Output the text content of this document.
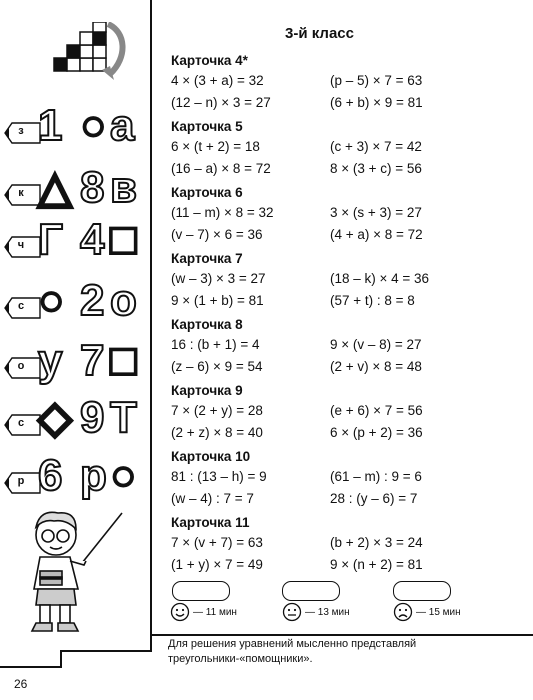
з 1 ○ а
к △ 8 в
ч Г 4 □
с ○ 2 о
о у 7 □
с ◇ 9 Т
р 6 р ○
3-й класс
Карточка 4*
4 × (3 + a) = 32	(p – 5) × 7 = 63
(12 – n) × 3 = 27	(6 + b) × 9 = 81
Карточка 5
6 × (t + 2) = 18	(c + 3) × 7 = 42
(16 – a) × 8 = 72	8 × (3 + c) = 56
Карточка 6
(11 – m) × 8 = 32	3 × (s + 3) = 27
(v – 7) × 6 = 36	(4 + a) × 8 = 72
Карточка 7
(w – 3) × 3 = 27	(18 – k) × 4 = 36
9 × (1 + b) = 81	(57 + t) : 8 = 8
Карточка 8
16 : (b + 1) = 4	9 × (v – 8) = 27
(z – 6) × 9 = 54	(2 + v) × 8 = 48
Карточка 9
7 × (2 + y) = 28	(e + 6) × 7 = 56
(2 + z) × 8 = 40	6 × (p + 2) = 36
Карточка 10
81 : (13 – h) = 9	(61 – m) : 9 = 6
(w – 4) : 7 = 7	28 : (y – 6) = 7
Карточка 11
7 × (v + 7) = 63	(b + 2) × 3 = 24
(1 + y) × 7 = 49	9 × (n + 2) = 81
— 11 мин	— 13 мин	— 15 мин
Для решения уравнений мысленно представляй треугольники-«помощники».
26
